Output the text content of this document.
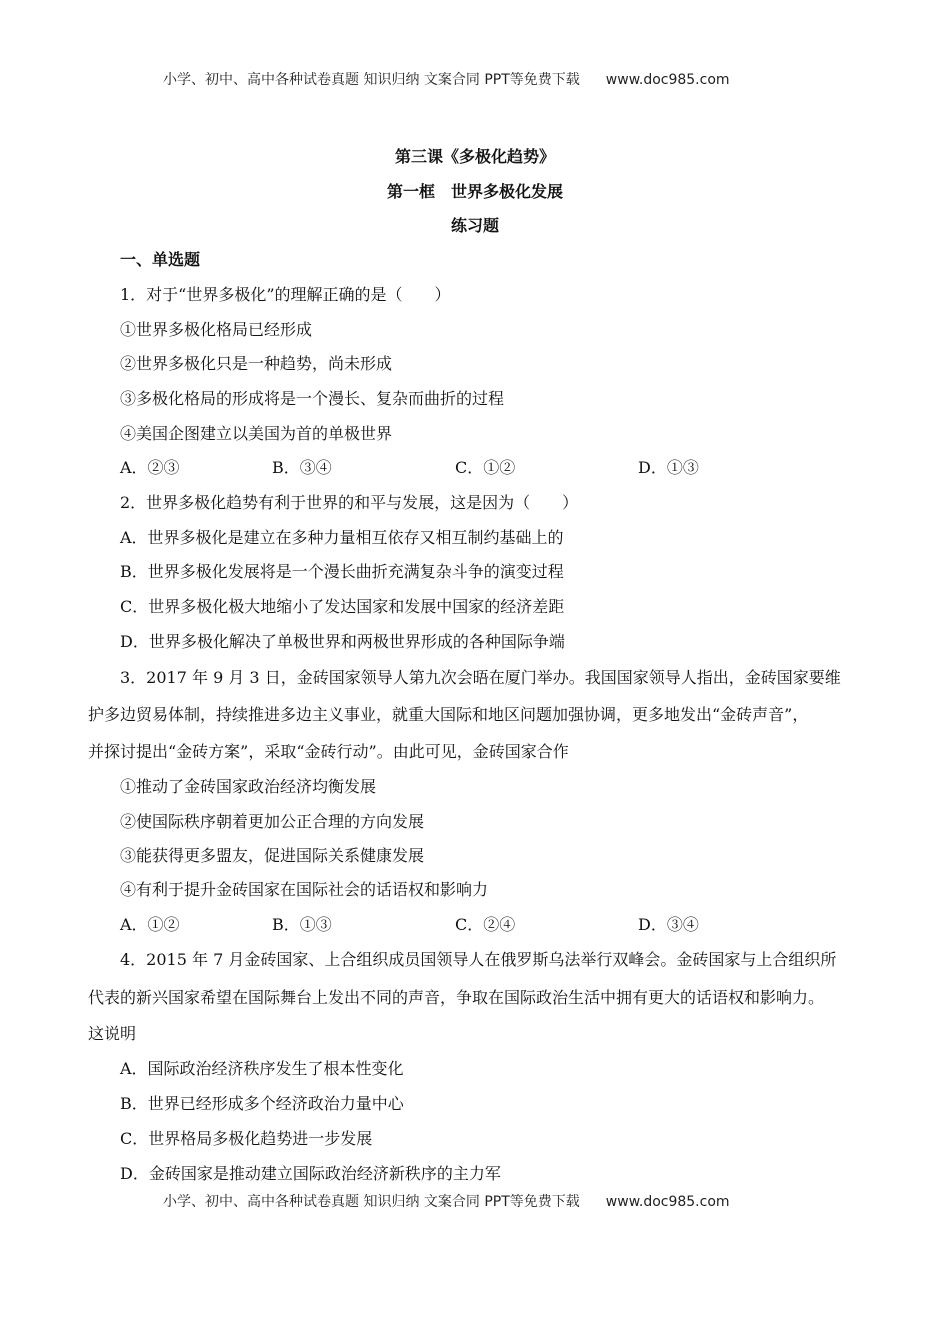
小学、初中、高中各种试卷真题 知识归纳 文案合同 PPT等免费下载 www.doc985.com
第三课《多极化趋势》
第一框　世界多极化发展
练习题
一、单选题
1．对于“世界多极化”的理解正确的是（　　）
①世界多极化格局已经形成
②世界多极化只是一种趋势，尚未形成
③多极化格局的形成将是一个漫长、复杂而曲折的过程
④美国企图建立以美国为首的单极世界
A．②③	B．③④	C．①②	D．①③
2．世界多极化趋势有利于世界的和平与发展，这是因为（　　）
A．世界多极化是建立在多种力量相互依存又相互制约基础上的
B．世界多极化发展将是一个漫长曲折充满复杂斗争的演变过程
C．世界多极化极大地缩小了发达国家和发展中国家的经济差距
D．世界多极化解决了单极世界和两极世界形成的各种国际争端
3．2017 年 9 月 3 日，金砖国家领导人第九次会晤在厦门举办。我国国家领导人指出，金砖国家要维
护多边贸易体制，持续推进多边主义事业，就重大国际和地区问题加强协调，更多地发出“金砖声音”，
并探讨提出“金砖方案”，采取“金砖行动”。由此可见，金砖国家合作
①推动了金砖国家政治经济均衡发展
②使国际秩序朝着更加公正合理的方向发展
③能获得更多盟友，促进国际关系健康发展
④有利于提升金砖国家在国际社会的话语权和影响力
A．①②	B．①③	C．②④	D．③④
4．2015 年 7 月金砖国家、上合组织成员国领导人在俄罗斯乌法举行双峰会。金砖国家与上合组织所
代表的新兴国家希望在国际舞台上发出不同的声音，争取在国际政治生活中拥有更大的话语权和影响力。
这说明
A．国际政治经济秩序发生了根本性变化
B．世界已经形成多个经济政治力量中心
C．世界格局多极化趋势进一步发展
D．金砖国家是推动建立国际政治经济新秩序的主力军
小学、初中、高中各种试卷真题 知识归纳 文案合同 PPT等免费下载 www.doc985.com
